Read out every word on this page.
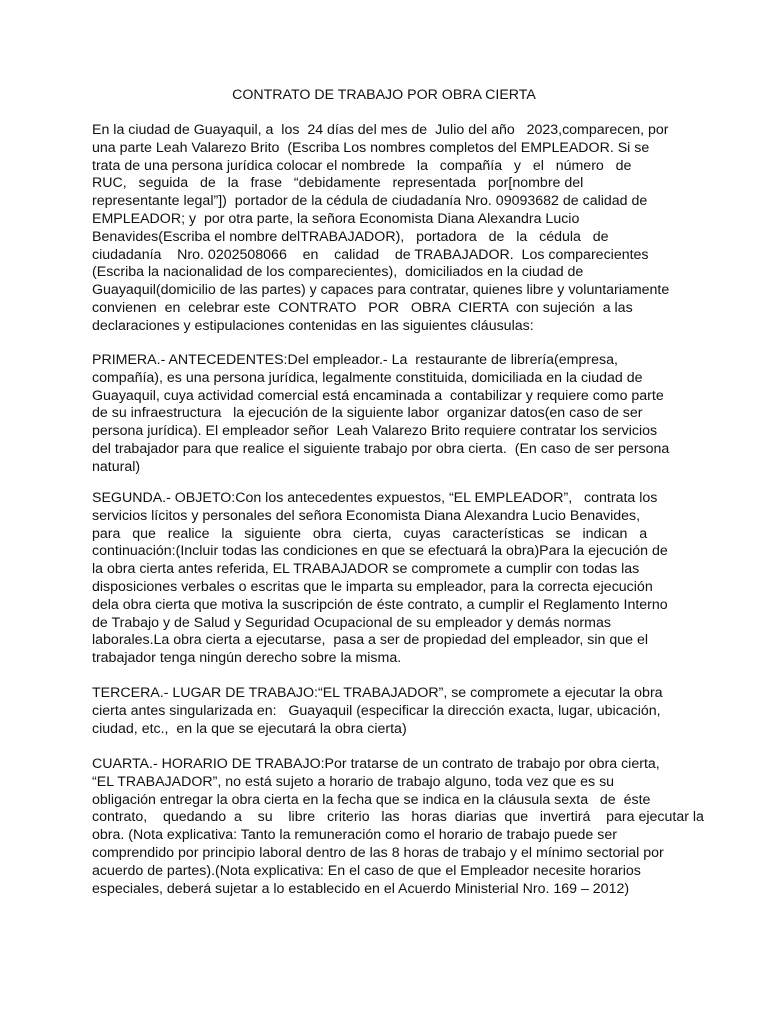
CONTRATO DE TRABAJO POR OBRA CIERTA
En la ciudad de Guayaquil, a  los  24 días del mes de  Julio del año   2023,comparecen, por
una parte Leah Valarezo Brito  (Escriba Los nombres completos del EMPLEADOR. Si se
trata de una persona jurídica colocar el nombrede   la   compañía   y   el   número   de
RUC,   seguida   de   la   frase   “debidamente   representada   por[nombre del
representante legal”])  portador de la cédula de ciudadanía Nro. 09093682 de calidad de
EMPLEADOR; y  por otra parte, la señora Economista Diana Alexandra Lucio
Benavides(Escriba el nombre delTRABAJADOR),   portadora   de   la   cédula   de
ciudadanía    Nro. 0202508066    en    calidad    de TRABAJADOR.  Los comparecientes
(Escriba la nacionalidad de los comparecientes),  domiciliados en la ciudad de
Guayaquil(domicilio de las partes) y capaces para contratar, quienes libre y voluntariamente
convienen  en  celebrar este  CONTRATO   POR   OBRA  CIERTA  con sujeción  a las
declaraciones y estipulaciones contenidas en las siguientes cláusulas:
PRIMERA.- ANTECEDENTES:Del empleador.- La  restaurante de librería(empresa,
compañía), es una persona jurídica, legalmente constituida, domiciliada en la ciudad de
Guayaquil, cuya actividad comercial está encaminada a  contabilizar y requiere como parte
de su infraestructura   la ejecución de la siguiente labor  organizar datos(en caso de ser
persona jurídica). El empleador señor  Leah Valarezo Brito requiere contratar los servicios
del trabajador para que realice el siguiente trabajo por obra cierta.  (En caso de ser persona
natural)
SEGUNDA.- OBJETO:Con los antecedentes expuestos, “EL EMPLEADOR”,   contrata los
servicios lícitos y personales del señora Economista Diana Alexandra Lucio Benavides,
para   que   realice   la   siguiente   obra   cierta,   cuyas   características   se   indican   a
continuación:(Incluir todas las condiciones en que se efectuará la obra)Para la ejecución de
la obra cierta antes referida, EL TRABAJADOR se compromete a cumplir con todas las
disposiciones verbales o escritas que le imparta su empleador, para la correcta ejecución
dela obra cierta que motiva la suscripción de éste contrato, a cumplir el Reglamento Interno
de Trabajo y de Salud y Seguridad Ocupacional de su empleador y demás normas
laborales.La obra cierta a ejecutarse,  pasa a ser de propiedad del empleador, sin que el
trabajador tenga ningún derecho sobre la misma.
TERCERA.- LUGAR DE TRABAJO:“EL TRABAJADOR”, se compromete a ejecutar la obra
cierta antes singularizada en:   Guayaquil (especificar la dirección exacta, lugar, ubicación,
ciudad, etc.,  en la que se ejecutará la obra cierta)
CUARTA.- HORARIO DE TRABAJO:Por tratarse de un contrato de trabajo por obra cierta,
“EL TRABAJADOR”, no está sujeto a horario de trabajo alguno, toda vez que es su
obligación entregar la obra cierta en la fecha que se indica en la cláusula sexta   de  éste
contrato,    quedando  a    su    libre   criterio   las   horas  diarias  que   invertirá    para ejecutar la
obra. (Nota explicativa: Tanto la remuneración como el horario de trabajo puede ser
comprendido por principio laboral dentro de las 8 horas de trabajo y el mínimo sectorial por
acuerdo de partes).(Nota explicativa: En el caso de que el Empleador necesite horarios
especiales, deberá sujetar a lo establecido en el Acuerdo Ministerial Nro. 169 – 2012)
